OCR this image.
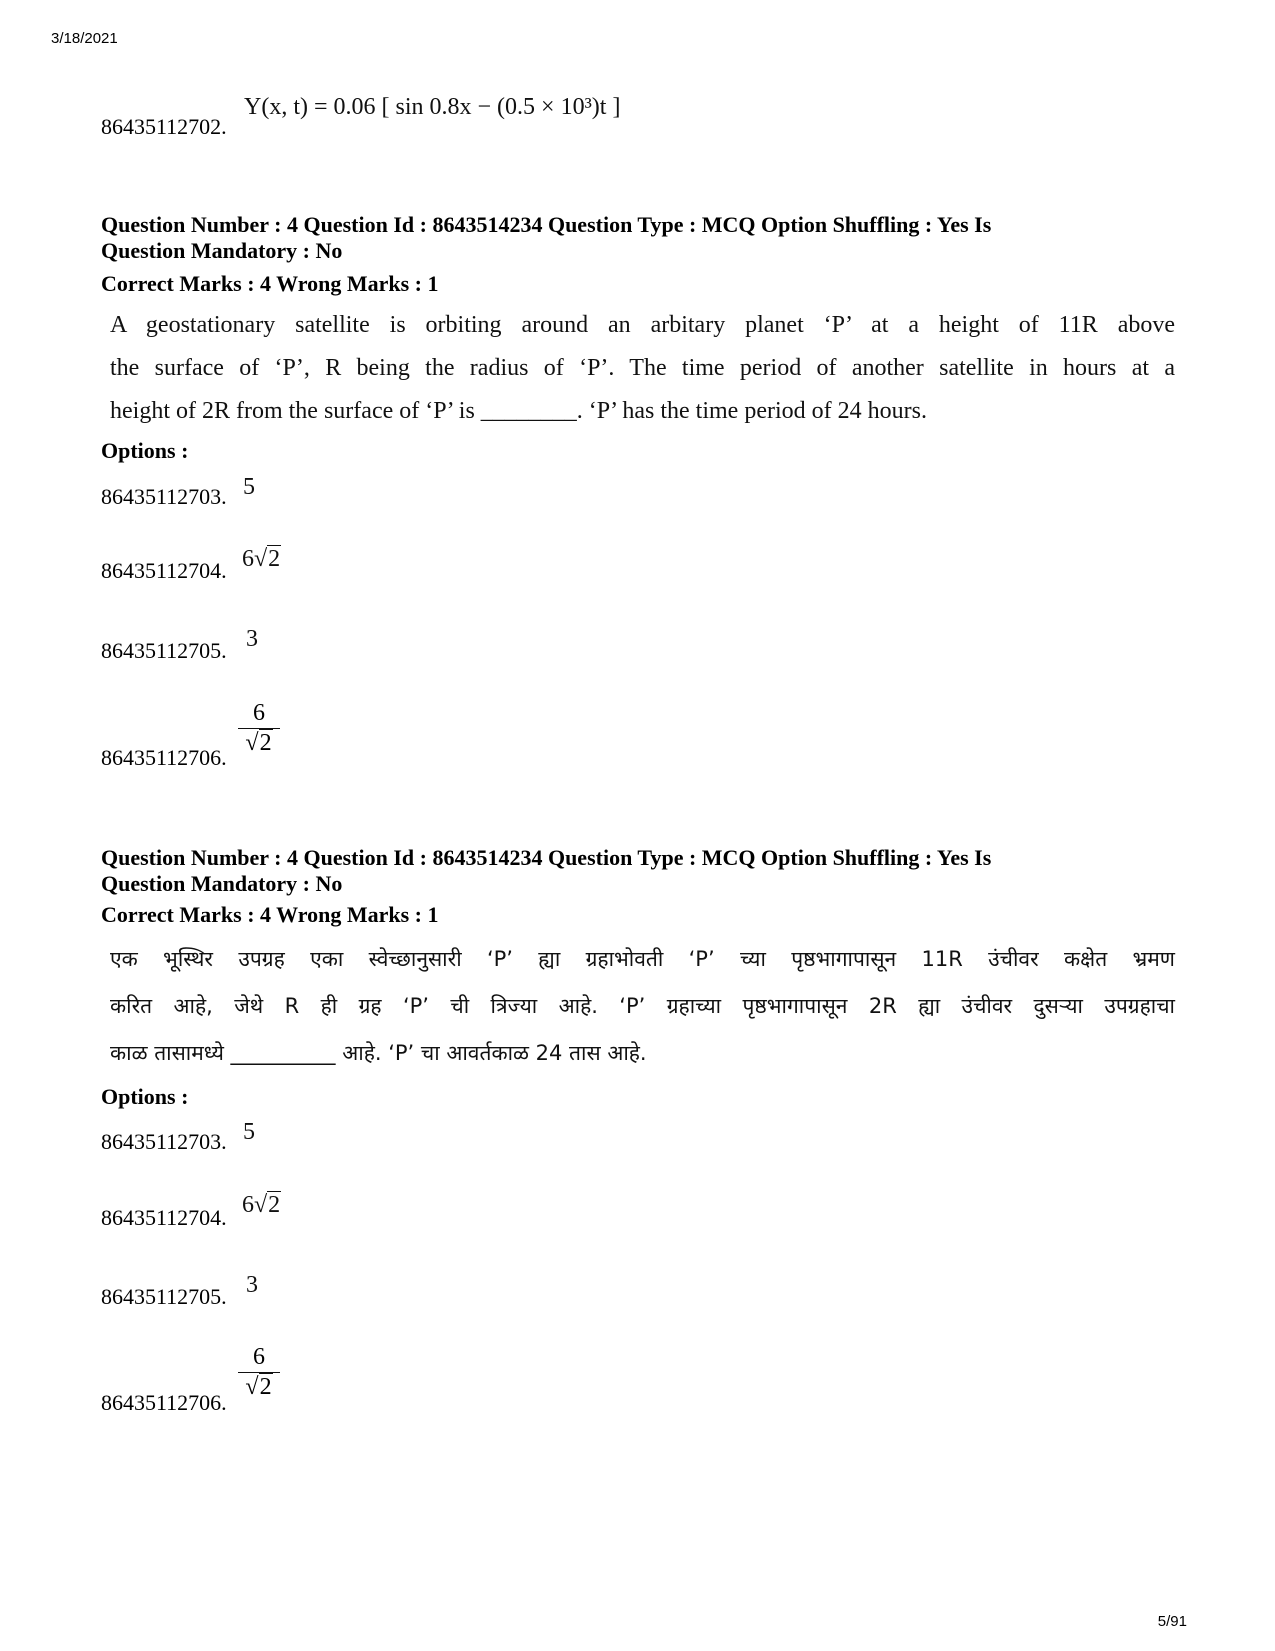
3/18/2021
86435112702.
Y(x, t) = 0.06 [ sin 0.8x − (0.5 × 10³)t ]
Question Number : 4 Question Id : 8643514234 Question Type : MCQ Option Shuffling : Yes Is
Question Mandatory : No
Correct Marks : 4 Wrong Marks : 1
A geostationary satellite is orbiting around an arbitary planet ‘P’ at a height of 11R above
the surface of ‘P’, R being the radius of ‘P’. The time period of another satellite in hours at a
height of 2R from the surface of ‘P’ is ________. ‘P’ has the time period of 24 hours.
Options :
86435112703. 5
86435112704. 6√2
86435112705. 3
86435112706.
$\frac{6}{√2}$
Question Number : 4 Question Id : 8643514234 Question Type : MCQ Option Shuffling : Yes Is
Question Mandatory : No
Correct Marks : 4 Wrong Marks : 1
एक भूस्थिर उपग्रह एका स्वेच्छानुसारी ‘P’ ह्या ग्रहाभोवती ‘P’ च्या पृष्ठभागापासून 11R उंचीवर कक्षेत भ्रमण
करित आहे, जेथे R ही ग्रह ‘P’ ची त्रिज्या आहे. ‘P’ ग्रहाच्या पृष्ठभागापासून 2R ह्या उंचीवर दुसऱ्या उपग्रहाचा
काळ तासामध्ये __________ आहे. ‘P’ चा आवर्तकाळ 24 तास आहे.
Options :
86435112703. 5
86435112704. 6√2
86435112705. 3
86435112706.
$\frac{6}{√2}$
5/91
